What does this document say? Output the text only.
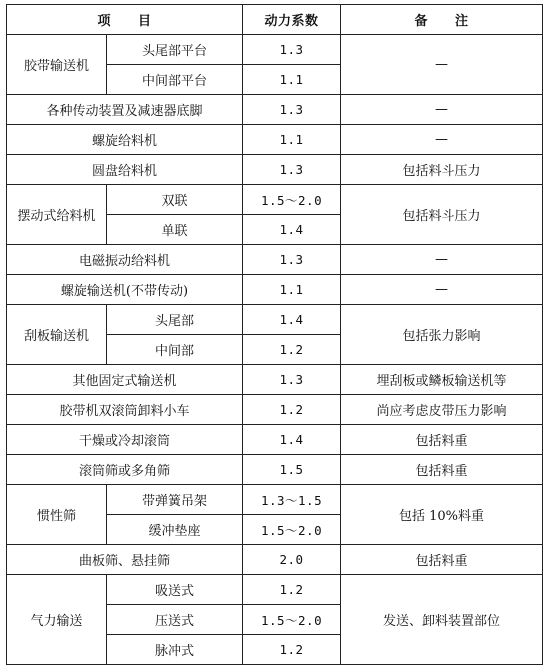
项　　目		动力系数	备　　注
胶带输送机	头尾部平台	1.3	—
	中间部平台	1.1	
各种传动装置及减速器底脚		1.3	—
螺旋给料机		1.1	—
圆盘给料机		1.3	包括料斗压力
摆动式给料机	双联	1.5～2.0	包括料斗压力
	单联	1.4	
电磁振动给料机		1.3	—
螺旋输送机(不带传动)		1.1	—
刮板输送机	头尾部	1.4	包括张力影响
	中间部	1.2	
其他固定式输送机		1.3	埋刮板或鳞板输送机等
胶带机双滚筒卸料小车		1.2	尚应考虑皮带压力影响
干燥或冷却滚筒		1.4	包括料重
滚筒筛或多角筛		1.5	包括料重
惯性筛	带弹簧吊架	1.3～1.5	包括 10%料重
	缓冲垫座	1.5～2.0	
曲板筛、悬挂筛		2.0	包括料重
气力输送	吸送式	1.2	发送、卸料装置部位
	压送式	1.5～2.0	
	脉冲式	1.2	
